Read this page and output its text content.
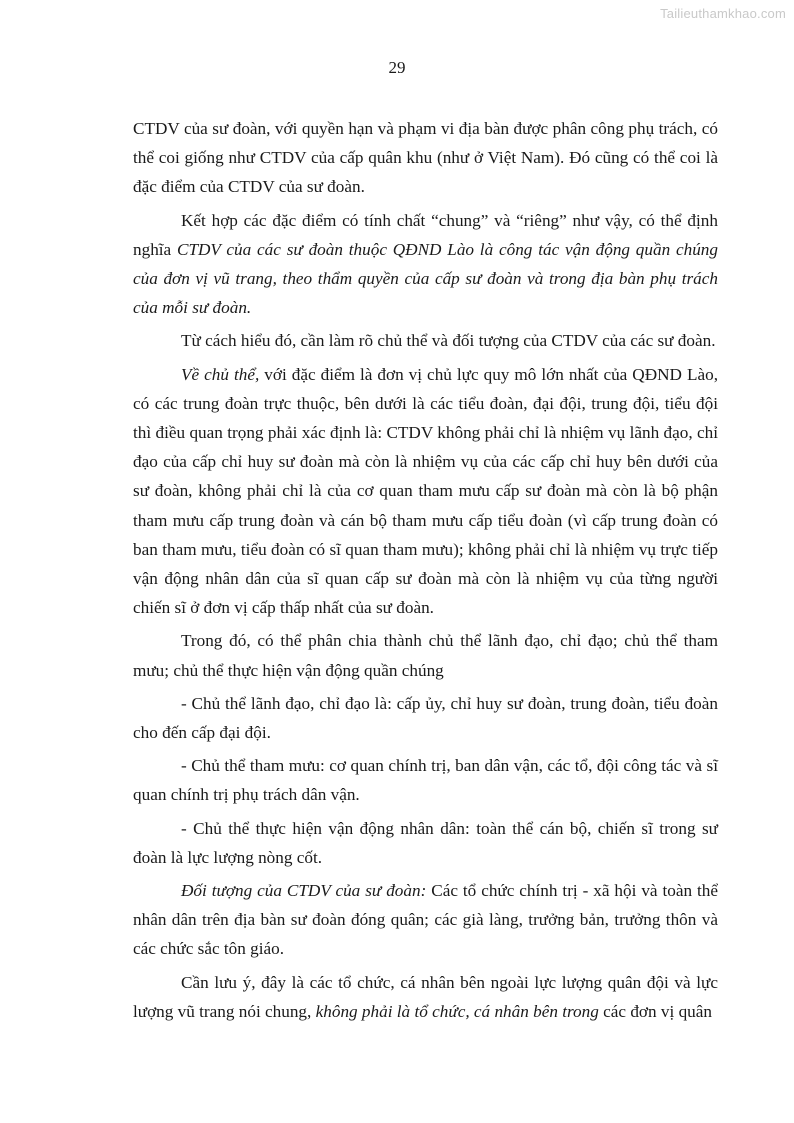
Tailieuthamkhao.com
29

CTDV của sư đoàn, với quyền hạn và phạm vi địa bàn được phân công phụ trách, có thể coi giống như CTDV của cấp quân khu (như ở Việt Nam). Đó cũng có thể coi là đặc điểm của CTDV của sư đoàn.

Kết hợp các đặc điểm có tính chất “chung” và “riêng” như vậy, có thể định nghĩa CTDV của các sư đoàn thuộc QĐND Lào là công tác vận động quần chúng của đơn vị vũ trang, theo thẩm quyền của cấp sư đoàn và trong địa bàn phụ trách của mỗi sư đoàn.

Từ cách hiểu đó, cần làm rõ chủ thể và đối tượng của CTDV của các sư đoàn.

Về chủ thể, với đặc điểm là đơn vị chủ lực quy mô lớn nhất của QĐND Lào, có các trung đoàn trực thuộc, bên dưới là các tiểu đoàn, đại đội, trung đội, tiểu đội thì điều quan trọng phải xác định là: CTDV không phải chỉ là nhiệm vụ lãnh đạo, chỉ đạo của cấp chỉ huy sư đoàn mà còn là nhiệm vụ của các cấp chỉ huy bên dưới của sư đoàn, không phải chỉ là của cơ quan tham mưu cấp sư đoàn mà còn là bộ phận tham mưu cấp trung đoàn và cán bộ tham mưu cấp tiểu đoàn (vì cấp trung đoàn có ban tham mưu, tiểu đoàn có sĩ quan tham mưu); không phải chỉ là nhiệm vụ trực tiếp vận động nhân dân của sĩ quan cấp sư đoàn mà còn là nhiệm vụ của từng người chiến sĩ ở đơn vị cấp thấp nhất của sư đoàn.

Trong đó, có thể phân chia thành chủ thể lãnh đạo, chỉ đạo; chủ thể tham mưu; chủ thể thực hiện vận động quần chúng

- Chủ thể lãnh đạo, chỉ đạo là: cấp ủy, chỉ huy sư đoàn, trung đoàn, tiểu đoàn cho đến cấp đại đội.

- Chủ thể tham mưu: cơ quan chính trị, ban dân vận, các tổ, đội công tác và sĩ quan chính trị phụ trách dân vận.

- Chủ thể thực hiện vận động nhân dân: toàn thể cán bộ, chiến sĩ trong sư đoàn là lực lượng nòng cốt.

Đối tượng của CTDV của sư đoàn: Các tổ chức chính trị - xã hội và toàn thể nhân dân trên địa bàn sư đoàn đóng quân; các già làng, trưởng bản, trưởng thôn và các chức sắc tôn giáo.

Cần lưu ý, đây là các tổ chức, cá nhân bên ngoài lực lượng quân đội và lực lượng vũ trang nói chung, không phải là tổ chức, cá nhân bên trong các đơn vị quân
